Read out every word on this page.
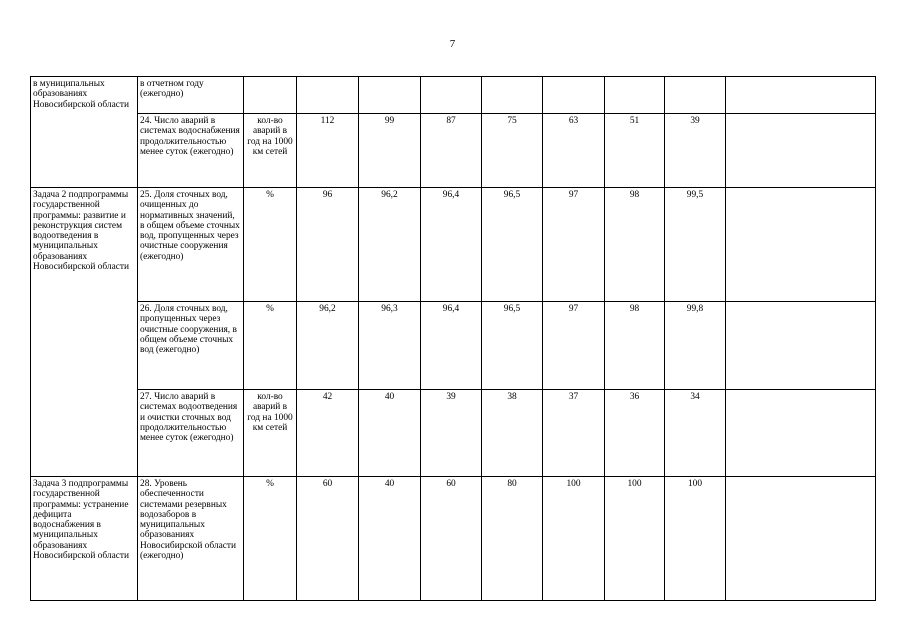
7
в муниципальных образованиях Новосибирской области	в отчетном году (ежегодно)									
	24. Число аварий в системах водоснабжения продолжительностью менее суток (ежегодно)	кол-во аварий в год на 1000 км сетей	112	99	87	75	63	51	39	
Задача 2 подпрограммы государственной программы: развитие и реконструкция систем водоотведения в муниципальных образованиях Новосибирской области	25. Доля сточных вод, очищенных до нормативных значений, в общем объеме сточных вод, пропущенных через очистные сооружения (ежегодно)	%	96	96,2	96,4	96,5	97	98	99,5	
	26. Доля сточных вод, пропущенных через очистные сооружения, в общем объеме сточных вод (ежегодно)	%	96,2	96,3	96,4	96,5	97	98	99,8	
	27. Число аварий в системах водоотведения и очистки сточных вод продолжительностью менее суток (ежегодно)	кол-во аварий в год на 1000 км сетей	42	40	39	38	37	36	34	
Задача 3 подпрограммы государственной программы: устранение дефицита водоснабжения в муниципальных образованиях Новосибирской области	28. Уровень обеспеченности системами резервных водозаборов в муниципальных образованиях Новосибирской области (ежегодно)	%	60	40	60	80	100	100	100	
